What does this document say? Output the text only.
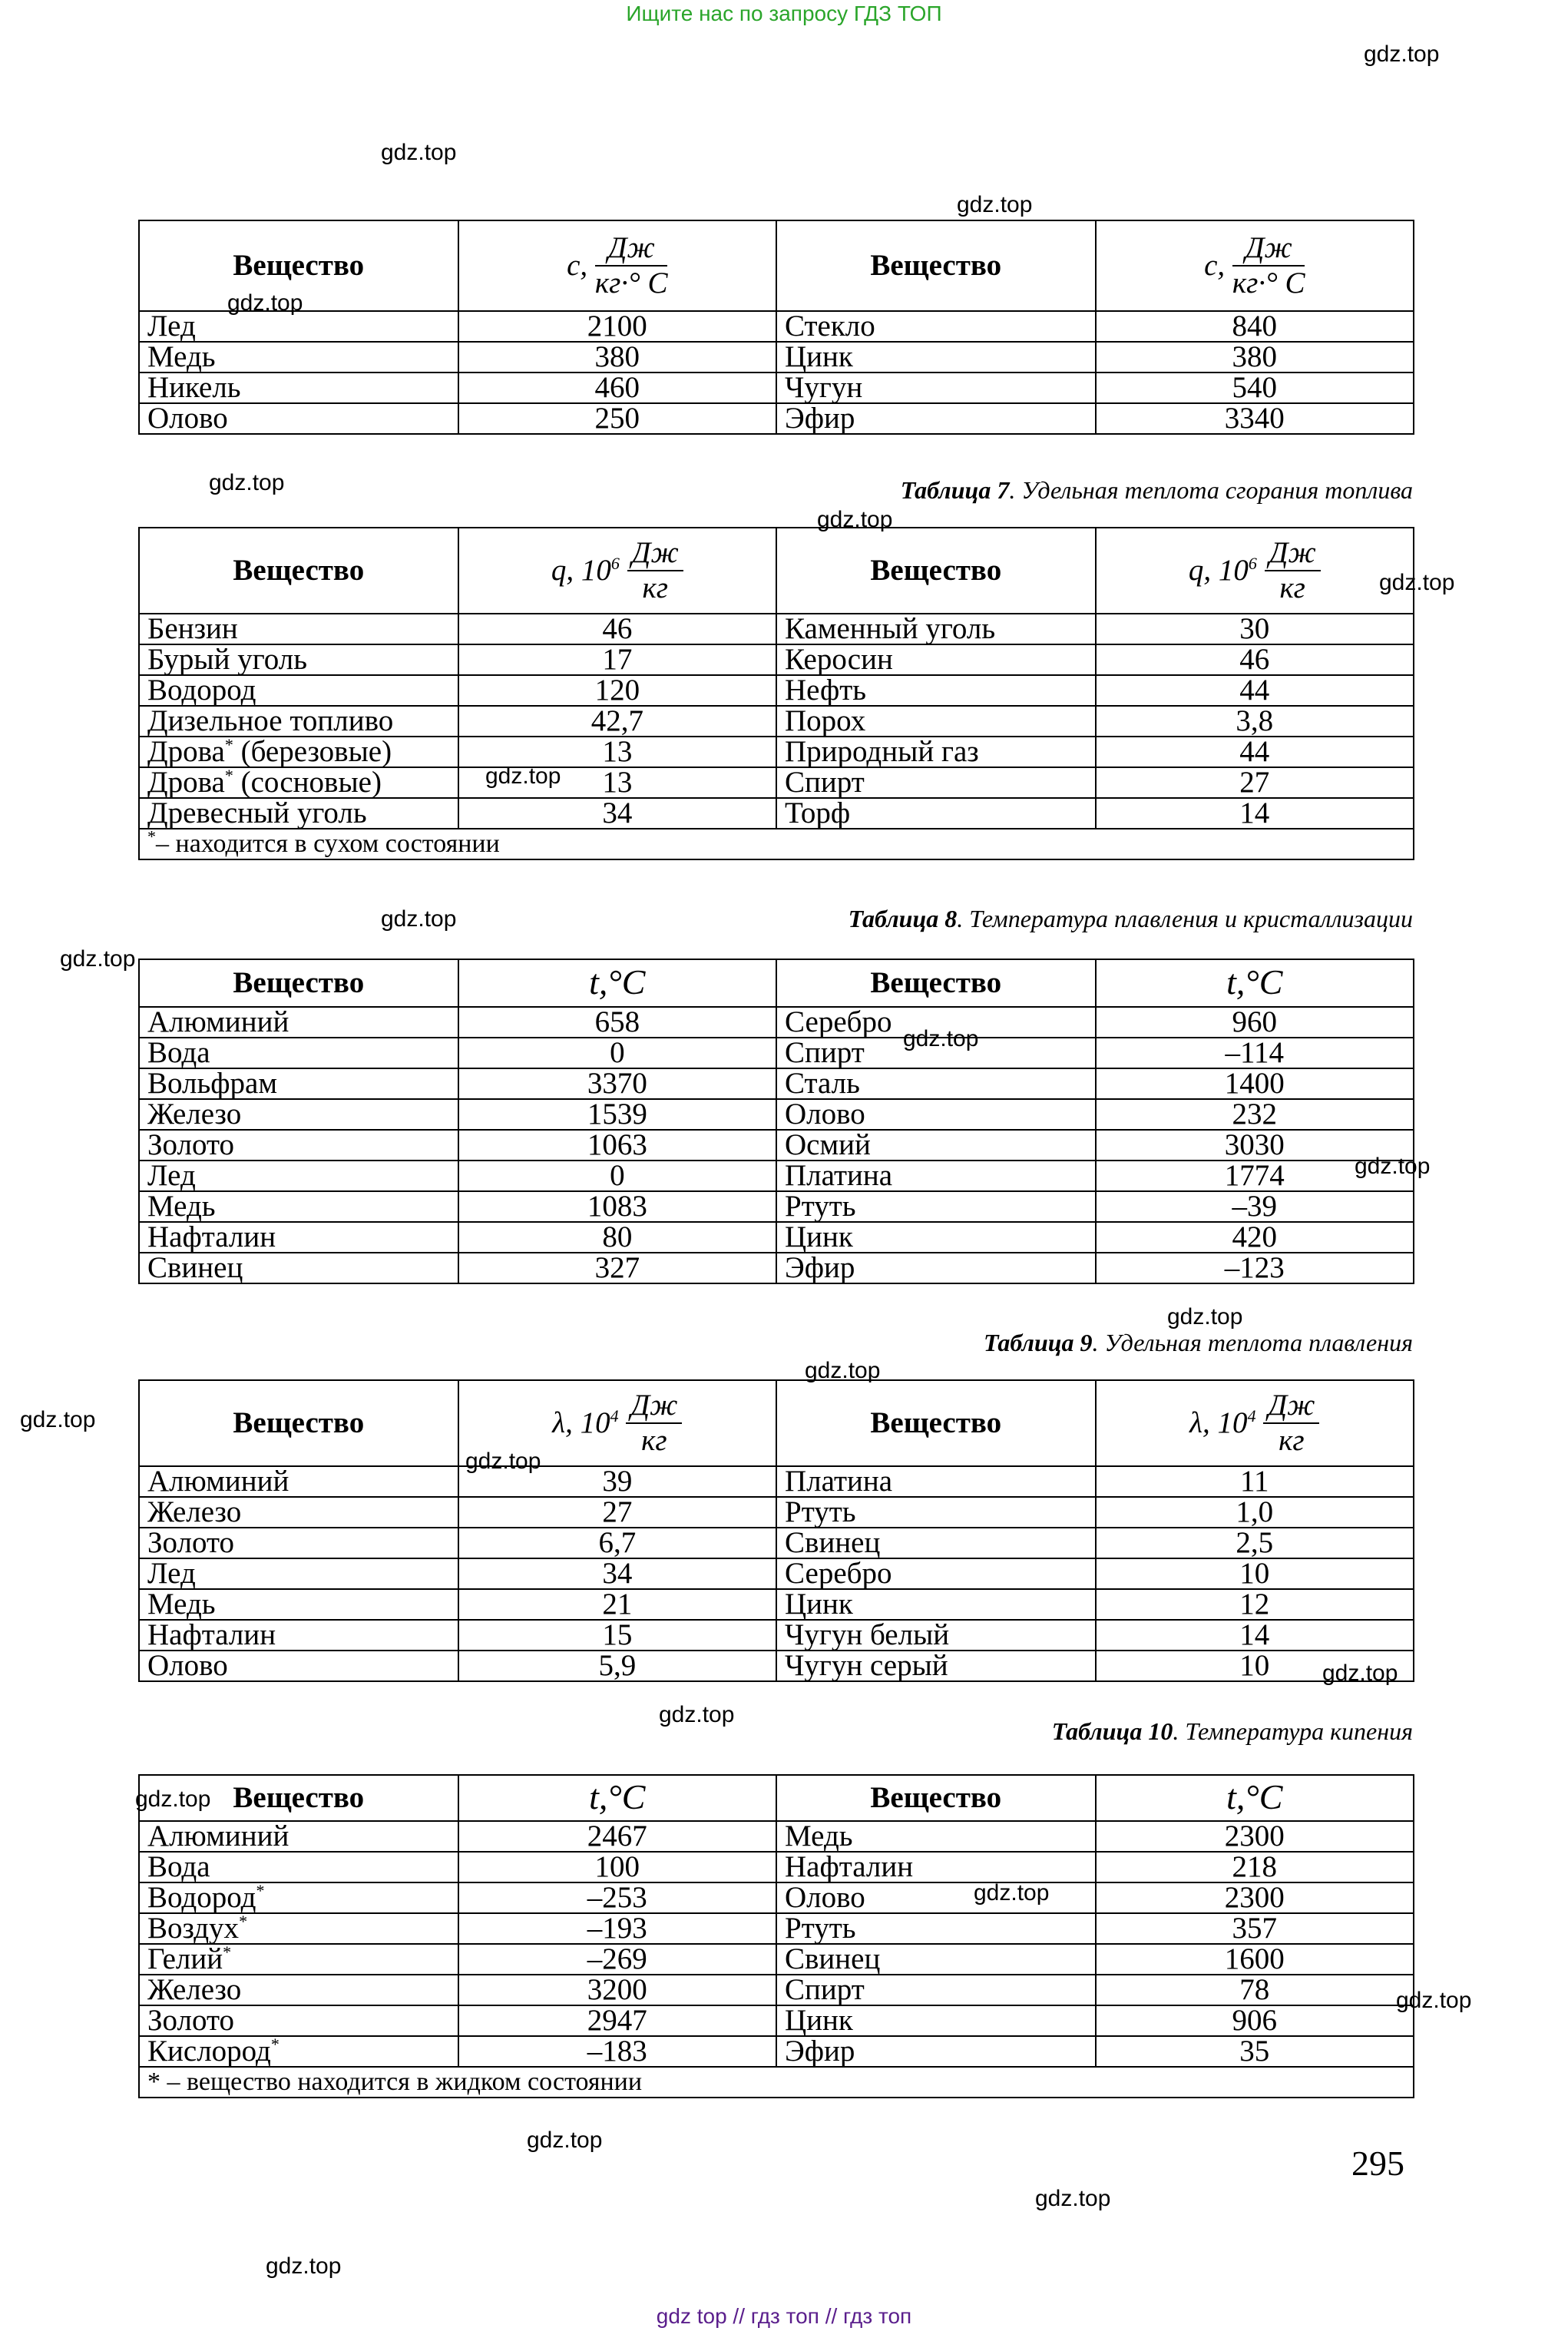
Ищите нас по запросу ГДЗ ТОП
gdz.top
gdz.top
gdz.top
gdz.top
gdz.top
gdz.top
gdz.top
gdz.top
gdz.top
gdz.top
gdz.top
gdz.top
gdz.top
gdz.top
gdz.top
gdz.top
gdz.top
gdz.top
gdz.top
gdz.top
gdz.top
gdz.top
gdz.top
gdz.top
Вещество	c, $\frac{Дж}{кг\cdot^\circ С}$	Вещество	c, $\frac{Дж}{кг\cdot^\circ С}$

Лед	2100	Стекло	840
Медь	380	Цинк	380
Никель	460	Чугун	540
Олово	250	Эфир	3340
Таблица 7. Удельная теплота сгорания топлива
Вещество	q, $10^6 \frac{Дж}{кг}$	Вещество	q, $10^6 \frac{Дж}{кг}$

Бензин	46	Каменный уголь	30
Бурый уголь	17	Керосин	46
Водород	120	Нефть	44
Дизельное топливо	42,7	Порох	3,8
Дрова* (березовые)	13	Природный газ	44
Дрова* (сосновые)	13	Спирт	27
Древесный уголь	34	Торф	14
*– находится в сухом состоянии			
Таблица 8. Температура плавления и кристаллизации
Вещество	t,°C	Вещество	t,°C
Алюминий	658	Серебро	960
Вода	0	Спирт	–114
Вольфрам	3370	Сталь	1400
Железо	1539	Олово	232
Золото	1063	Осмий	3030
Лед	0	Платина	1774
Медь	1083	Ртуть	–39
Нафталин	80	Цинк	420
Свинец	327	Эфир	–123
Таблица 9. Удельная теплота плавления
Вещество	λ, $10^4 \frac{Дж}{кг}$	Вещество	λ, $10^4 \frac{Дж}{кг}$

Алюминий	39	Платина	11
Железо	27	Ртуть	1,0
Золото	6,7	Свинец	2,5
Лед	34	Серебро	10
Медь	21	Цинк	12
Нафталин	15	Чугун белый	14
Олово	5,9	Чугун серый	10
Таблица 10. Температура кипения
Вещество	t,°C	Вещество	t,°C
Алюминий	2467	Медь	2300
Вода	100	Нафталин	218
Водород*	–253	Олово	2300
Воздух*	–193	Ртуть	357
Гелий*	–269	Свинец	1600
Железо	3200	Спирт	78
Золото	2947	Цинк	906
Кислород*	–183	Эфир	35
* – вещество находится в жидком состоянии			
295
gdz top // гдз топ // гдз топ
